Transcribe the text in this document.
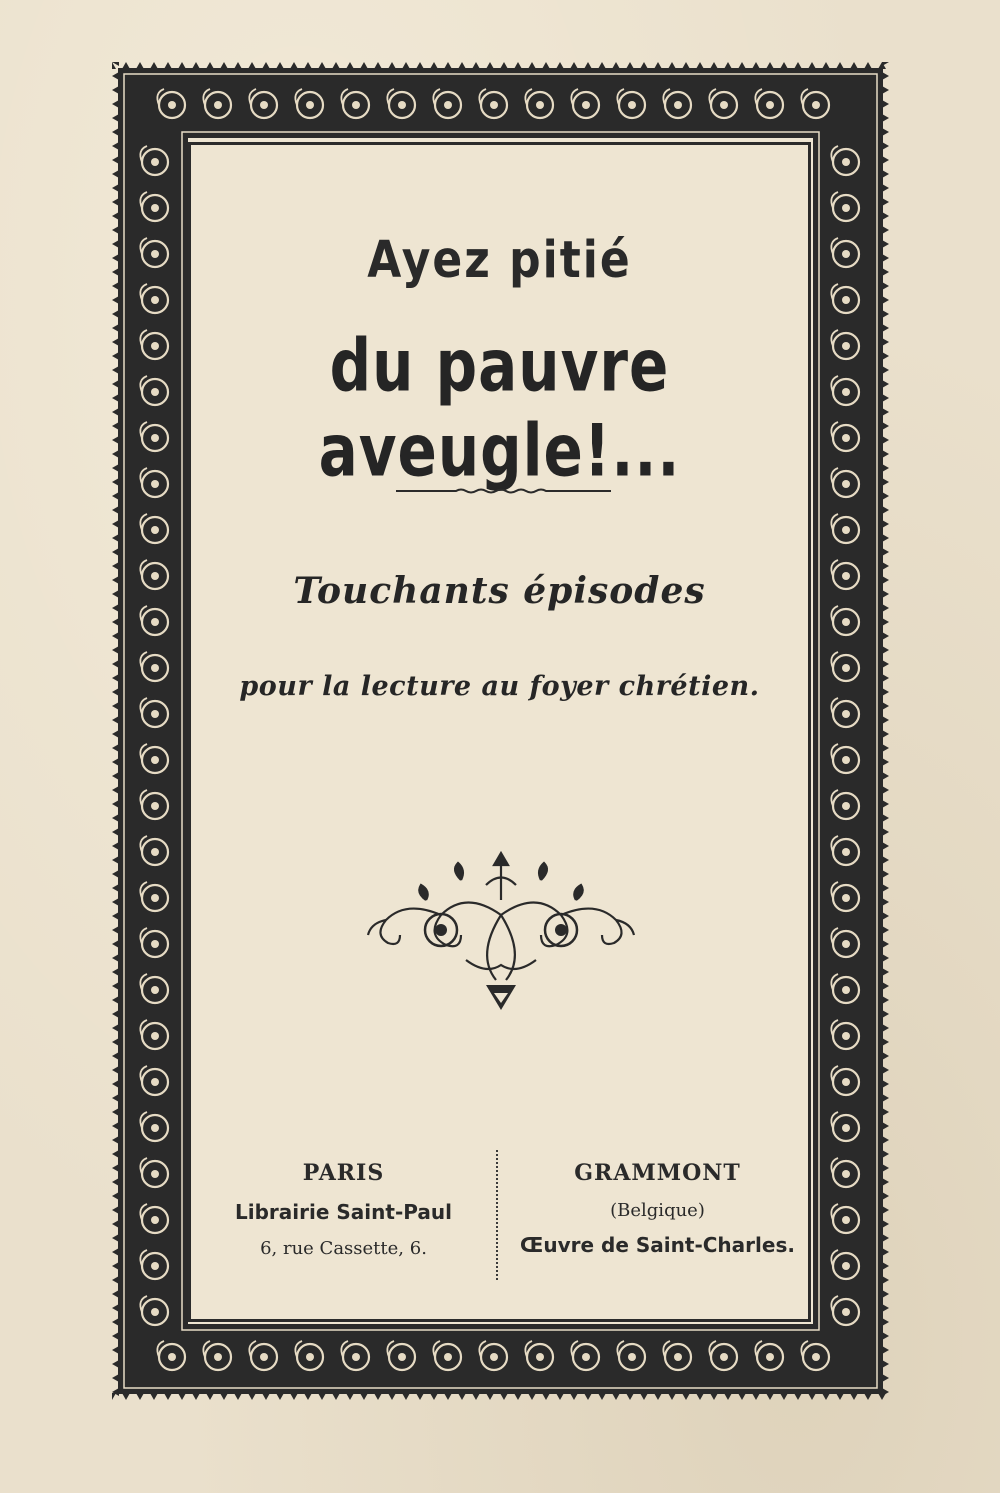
Ayez pitié
du pauvre aveugle!...
Touchants épisodes
pour la lecture au foyer chrétien.
PARIS
Librairie Saint-Paul
6, rue Cassette, 6.
GRAMMONT
(Belgique)
Œuvre de Saint-Charles.
